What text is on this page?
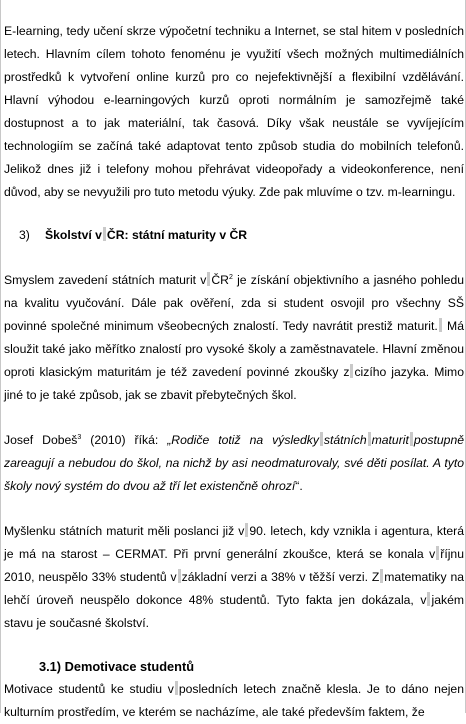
E-learning, tedy učení skrze výpočetní techniku a Internet, se stal hitem v posledních letech. Hlavním cílem tohoto fenoménu je využití všech možných multimediálních prostředků k vytvoření online kurzů pro co nejefektivnější a flexibilní vzdělávání. Hlavní výhodou e-learningových kurzů oproti normálním je samozřejmě také dostupnost a to jak materiální, tak časová. Díky však neustále se vyvíjejícím technologiím se začíná také adaptovat tento způsob studia do mobilních telefonů. Jelikož dnes již i telefony mohou přehrávat videopořady a videokonference, není důvod, aby se nevyužili pro tuto metodu výuky. Zde pak mluvíme o tzv. m-learningu.

3) Školství v ČR: státní maturity v ČR

Smyslem zavedení státních maturit v $ČR^2$ je získání objektivního a jasného pohledu na kvalitu vyučování. Dále pak ověření, zda si student osvojil pro všechny SŠ povinné společné minimum všeobecných znalostí. Tedy navrátit prestiž maturit. Má sloužit také jako měřítko znalostí pro vysoké školy a zaměstnavatele. Hlavní změnou oproti klasickým maturitám je též zavedení povinné zkoušky z cizího jazyka. Mimo jiné to je také způsob, jak se zbavit přebytečných škol.

Josef Dobeš$^3$ (2010) říká: „Rodiče totiž na výsledky státních maturit postupně zareagují a nebudou do škol, na nichž by asi neodmaturovaly, své děti posílat. A tyto školy nový systém do dvou až tří let existenčně ohrozí“.

Myšlenku státních maturit měli poslanci již v 90. letech, kdy vznikla i agentura, která je má na starost – CERMAT. Při první generální zkoušce, která se konala v říjnu 2010, neuspělo 33% studentů v základní verzi a 38% v těžší verzi. Z matematiky na lehčí úroveň neuspělo dokonce 48% studentů. Tyto fakta jen dokázala, v jakém stavu je současné školství.

3.1) Demotivace studentů

Motivace studentů ke studiu v posledních letech značně klesla. Je to dáno nejen kulturním prostředím, ve kterém se nacházíme, ale také především faktem, že
